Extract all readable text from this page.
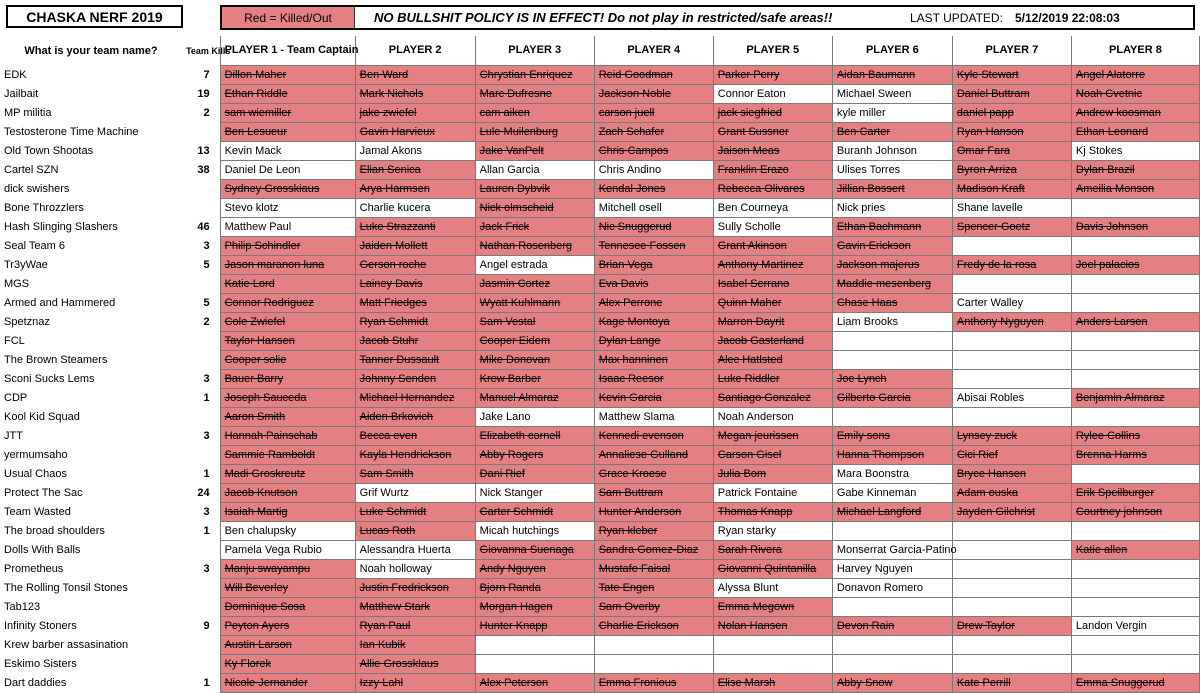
CHASKA NERF 2019	Red = Killed/Out	NO BULLSHIT POLICY IS IN EFFECT! Do not play in restricted/safe areas!!	LAST UPDATED: 5/12/2019 22:08:03
What is your team name?	Team Kills	PLAYER 1 - Team Captain	PLAYER 2	PLAYER 3	PLAYER 4	PLAYER 5	PLAYER 6	PLAYER 7	PLAYER 8
EDK	7	Dillon Maher	Ben Ward	Chrystian Enriquez	Reid Goodman	Parker Perry	Aidan Baumann	Kyle Stewart	Angel Alatorre
Jailbait	19	Ethan Riddle	Mark Nichols	Marc Dufresne	Jackson Noble	Connor Eaton	Michael Sween	Daniel Buttram	Noah Cvetnic
MP militia	2	sam wiemiller	jake zwiefel	cam aiken	carson juell	jack siegfried	kyle miller	daniel papp	Andrew koosman
Testosterone Time Machine		Ben Lesueur	Gavin Harvieux	Lule Muilenburg	Zach Schafer	Grant Sussner	Ben Carter	Ryan Hanson	Ethan Leonard
Old Town Shootas	13	Kevin Mack	Jamal Akons	Jake VanPelt	Chris Campos	Jaison Meas	Buranh Johnson	Omar Fara	Kj Stokes
Cartel SZN	38	Daniel De Leon	Elian Senica	Allan Garcia	Chris Andino	Franklin Erazo	Ulises Torres	Byron Arriza	Dylan Brazil
dick swishers		Sydney Grosskiaus	Arya Harmsen	Lauren Dybvik	Kendal Jones	Rebecca Olivares	Jillian Bossert	Madison Kraft	Ameilia Monson
Bone Throzzlers		Stevo klotz	Charlie kucera	Nick olmscheid	Mitchell osell	Ben Courneya	Nick pries	Shane lavelle	
Hash Slinging Slashers	46	Matthew Paul	Luke Strazzanti	Jack Frick	Nic Snuggerud	Sully Scholle	Ethan Bachmann	Spencer Goetz	Davis Johnson
Seal Team 6	3	Philip Schindler	Jaiden Mollett	Nathan Rosenberg	Tennesee Fossen	Grant Akinson	Gavin Erickson		
Tr3yWae	5	Jason maranon luna	Gerson roche	Angel estrada	Brian Vega	Anthony Martinez	Jackson majerus	Fredy de la rosa	Joel palacios
MGS		Katie Lord	Lainey Davis	Jasmin Cortez	Eva Davis	Isabel Serrano	Maddie mesenberg		
Armed and Hammered	5	Connor Rodriguez	Matt Friedges	Wyatt Kuhlmann	Alex Perrone	Quinn Maher	Chase Haas	Carter Walley	
Spetznaz	2	Cole Zwiefel	Ryan Schmidt	Sam Vestal	Kage Montoya	Marron Dayrit	Liam Brooks	Anthony Nyguyen	Anders Larsen
FCL		Taylor Hansen	Jacob Stuhr	Cooper Eidem	Dylan Lange	Jacob Gasterland			
The Brown Steamers		Cooper solie	Tanner Dussault	Mike Donovan	Max hanninen	Alec Hatlsted			
Sconi Sucks Lems	3	Bauer Barry	Johnny Senden	Krew Barber	Isaac Reesor	Luke Riddler	Joe Lynch		
CDP	1	Joseph Sauceda	Michael Hernandez	Manuel Almaraz	Kevin Garcia	Santiago Gonzalez	Gilberto Garcia	Abisai Robles	Benjamin Almaraz
Kool Kid Squad		Aaron Smith	Aiden Brkovich	Jake Lano	Matthew Slama	Noah Anderson			
JTT	3	Hannah Painschab	Becca even	Elizabeth cornell	Kennedi evenson	Megan jeurissen	Emily sons	Lynsey zuck	Rylee Collins
yermumsaho		Sammie Ramboldt	Kayla Hendrickson	Abby Rogers	Annaliese Gulland	Carson Gisel	Hanna Thompson	Cici Rief	Brenna Harms
Usual Chaos	1	Madi Groskreutz	Sam Smith	Dani Rief	Grace Kroese	Julia Bom	Mara Boonstra	Bryce Hansen	
Protect The Sac	24	Jacob Knutson	Grif Wurtz	Nick Stanger	Sam Buttram	Patrick Fontaine	Gabe Kinneman	Adam ouska	Erik Speilburger
Team Wasted	3	Isaiah Martig	Luke Schmidt	Carter Schmidt	Hunter Anderson	Thomas Knapp	Michael Langford	Jayden Gilchrist	Courtney johnson
The broad shoulders	1	Ben chalupsky	Lucas Roth	Micah hutchings	Ryan kleber	Ryan starky			
Dolls With Balls		Pamela Vega Rubio	Alessandra Huerta	Giovanna Suenaga	Sandra Gomez-Diaz	Sarah Rivera	Monserrat Garcia-Patino		Katie allen
Prometheus	3	Manju swayampu	Noah holloway	Andy Nguyen	Mustafe Faisal	Giovanni Quintanilla	Harvey Nguyen		
The Rolling Tonsil Stones		Will Beverley	Justin Fredrickson	Bjorn Randa	Tate Engen	Alyssa Blunt	Donavon Romero		
Tab123		Dominique Sosa	Matthew Stark	Morgan Hagen	Sam Overby	Emma Megown			
Infinity Stoners	9	Peyton Ayers	Ryan Paul	Hunter Knapp	Charlie Erickson	Nolan Hansen	Devon Rain	Drew Taylor	Landon Vergin
Krew barber assasination		Austin Larson	Ian Kubik						
Eskimo Sisters		Ky Florek	Allie Grossklaus						
Dart daddies	1	Nicole Jernander	Izzy Lahl	Alex Peterson	Emma Fronious	Elise Marsh	Abby Snow	Kate Perrill	Emma Snuggerud
